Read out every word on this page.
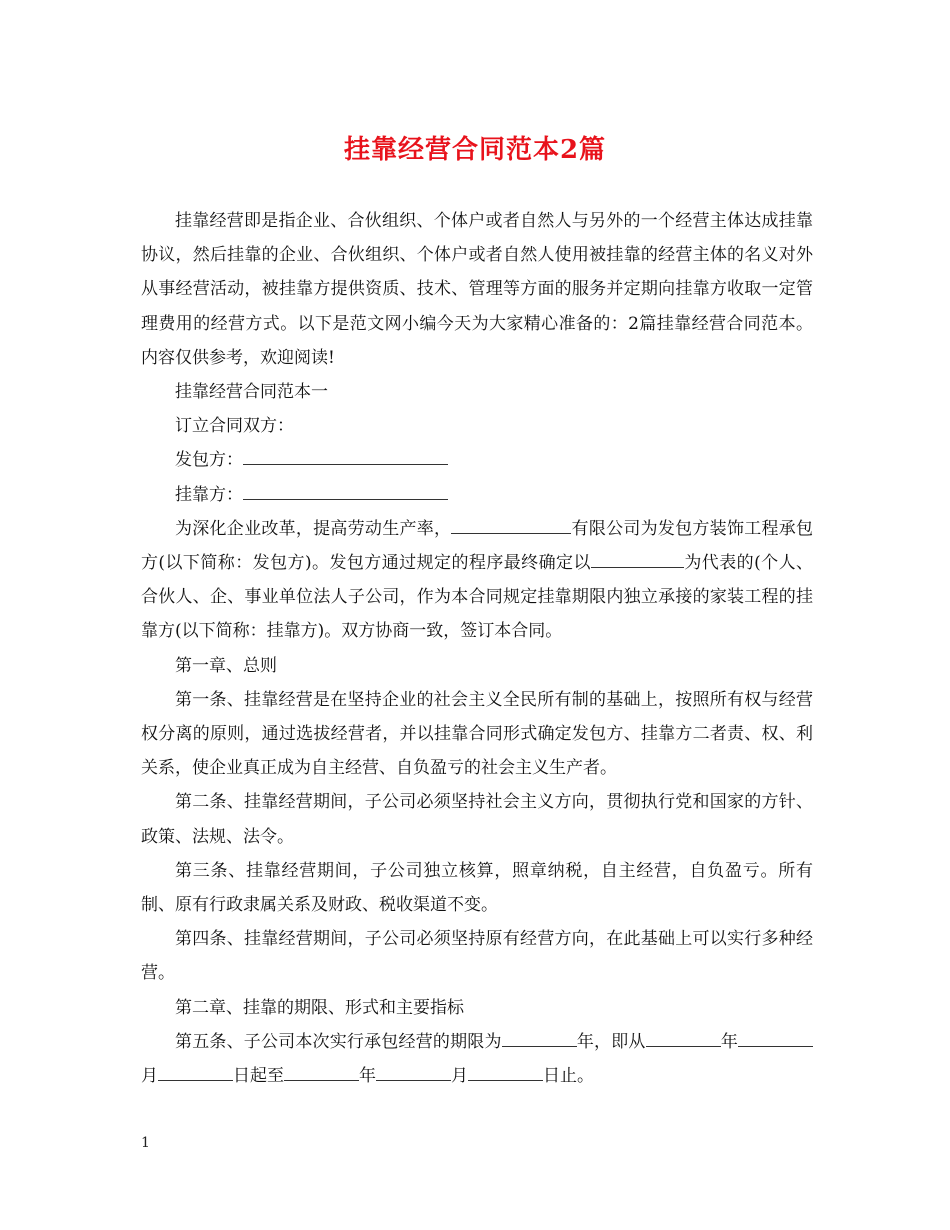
挂靠经营合同范本2篇

挂靠经营即是指企业、合伙组织、个体户或者自然人与另外的一个经营主体达成挂靠协议，然后挂靠的企业、合伙组织、个体户或者自然人使用被挂靠的经营主体的名义对外从事经营活动，被挂靠方提供资质、技术、管理等方面的服务并定期向挂靠方收取一定管理费用的经营方式。以下是范文网小编今天为大家精心准备的：2篇挂靠经营合同范本。内容仅供参考，欢迎阅读!

挂靠经营合同范本一

订立合同双方：

发包方：

挂靠方：

为深化企业改革，提高劳动生产率，	有限公司为发包方装饰工程承包方(以下简称：发包方)。发包方通过规定的程序最终确定以	为代表的(个人、合伙人、企、事业单位法人子公司，作为本合同规定挂靠期限内独立承接的家装工程的挂靠方(以下简称：挂靠方)。双方协商一致，签订本合同。

第一章、总则

第一条、挂靠经营是在坚持企业的社会主义全民所有制的基础上，按照所有权与经营权分离的原则，通过选拔经营者，并以挂靠合同形式确定发包方、挂靠方二者责、权、利关系，使企业真正成为自主经营、自负盈亏的社会主义生产者。

第二条、挂靠经营期间，子公司必须坚持社会主义方向，贯彻执行党和国家的方针、政策、法规、法令。

第三条、挂靠经营期间，子公司独立核算，照章纳税，自主经营，自负盈亏。所有制、原有行政隶属关系及财政、税收渠道不变。

第四条、挂靠经营期间，子公司必须坚持原有经营方向，在此基础上可以实行多种经营。

第二章、挂靠的期限、形式和主要指标

第五条、子公司本次实行承包经营的期限为	年，即从	年月	日起至	年	月	日止。

1
